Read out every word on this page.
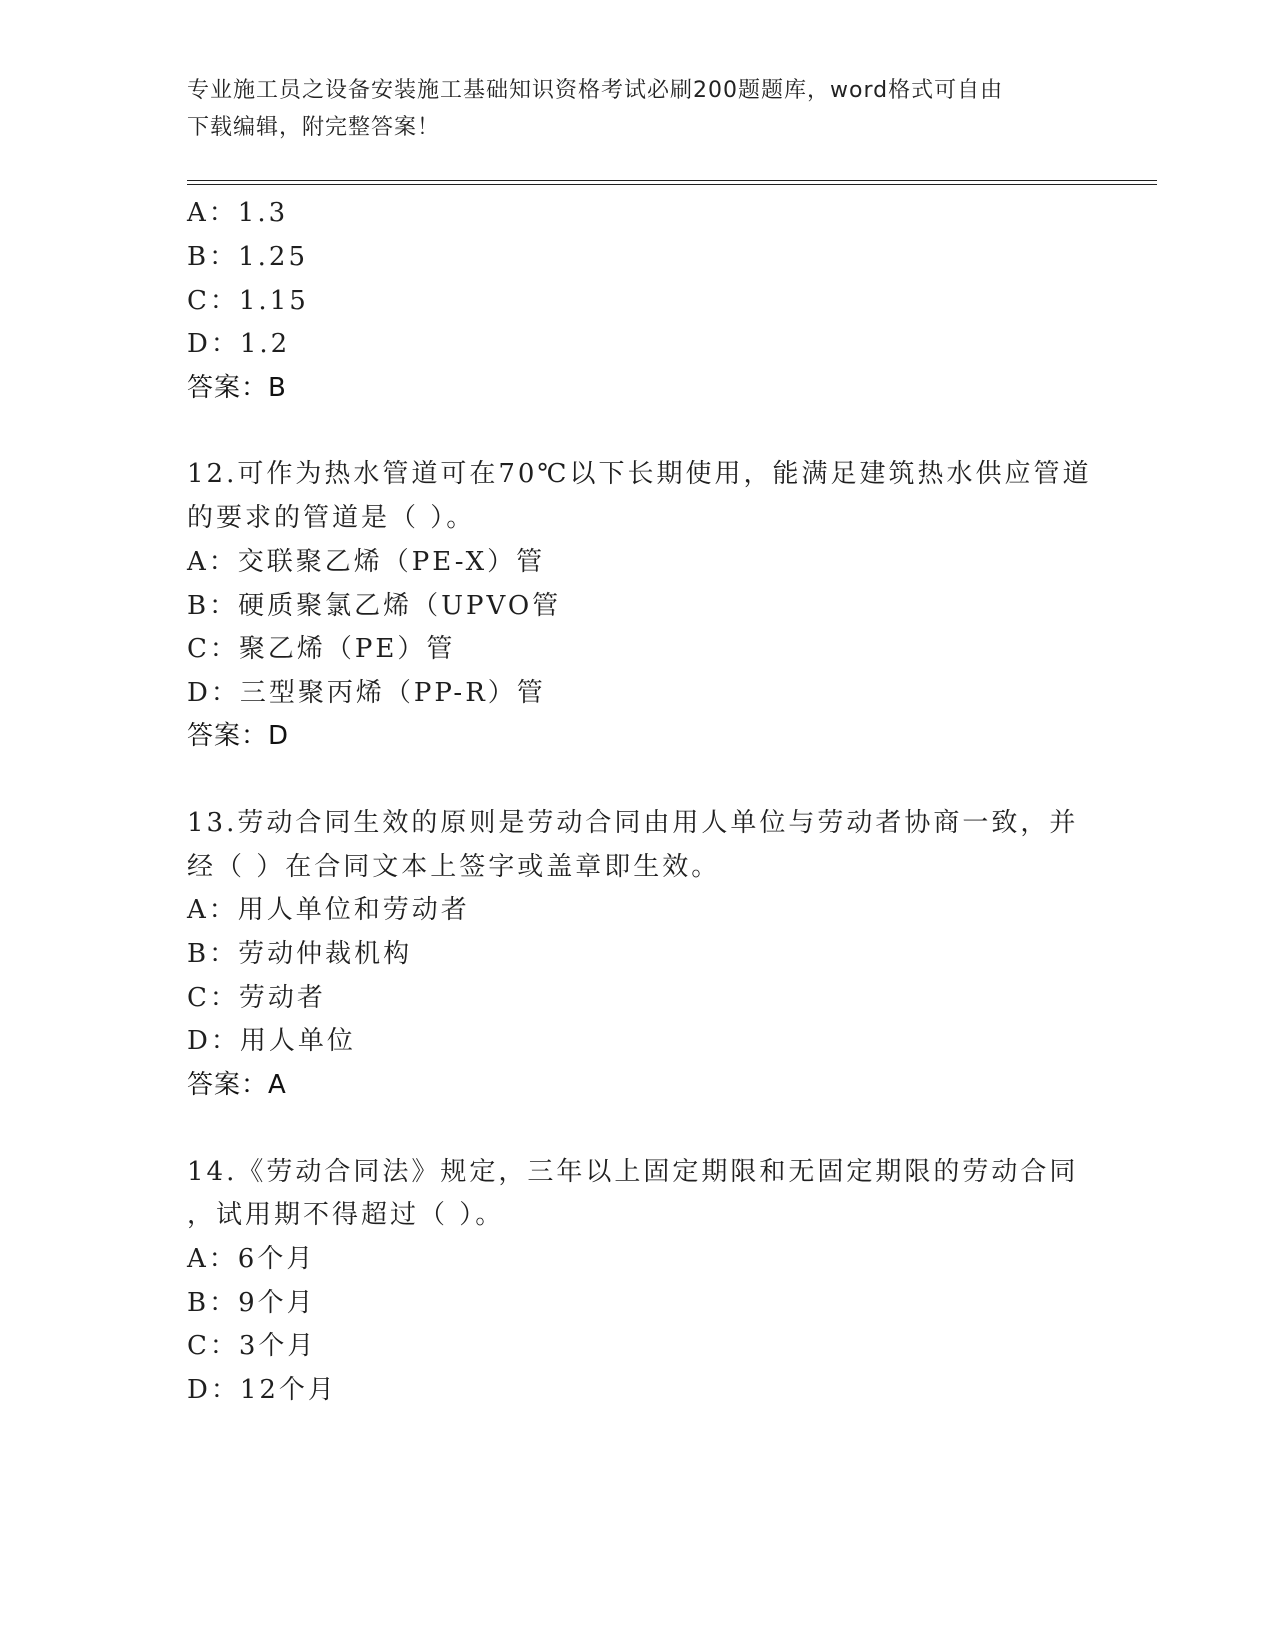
专业施工员之设备安装施工基础知识资格考试必刷200题题库，word格式可自由
下载编辑，附完整答案！
A：1.3
B：1.25
C：1.15
D：1.2
答案：B
12.可作为热水管道可在70℃以下长期使用，能满足建筑热水供应管道
的要求的管道是（ ）。
A：交联聚乙烯（PE-X）管
B：硬质聚氯乙烯（UPVO管
C：聚乙烯（PE）管
D：三型聚丙烯（PP-R）管
答案：D
13.劳动合同生效的原则是劳动合同由用人单位与劳动者协商一致，并
经（ ）在合同文本上签字或盖章即生效。
A：用人单位和劳动者
B：劳动仲裁机构
C：劳动者
D：用人单位
答案：A
14.《劳动合同法》规定，三年以上固定期限和无固定期限的劳动合同
，试用期不得超过（ ）。
A：6个月
B：9个月
C：3个月
D：12个月
